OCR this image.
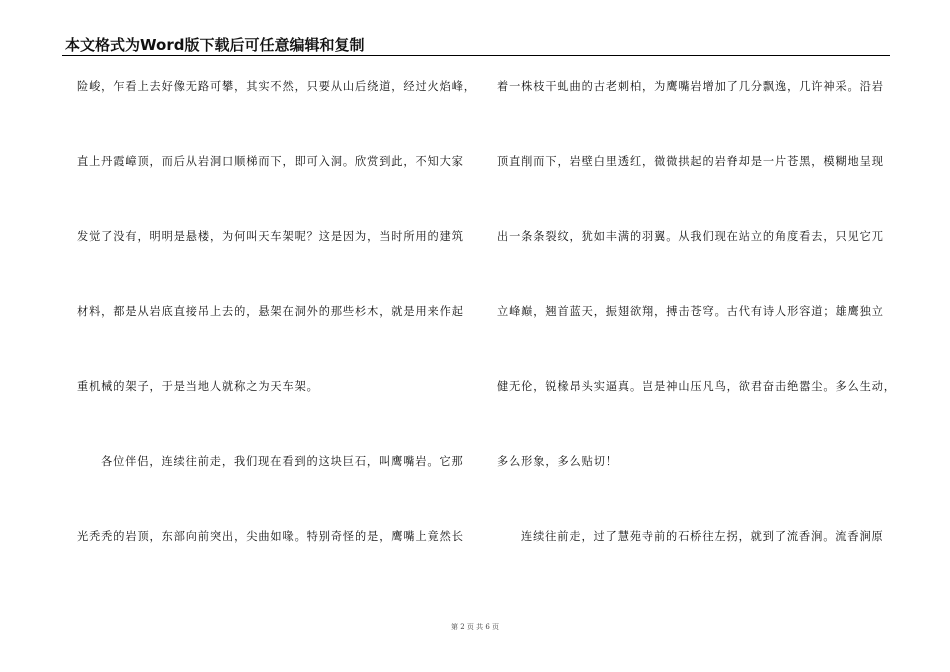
本文格式为Word版下载后可任意编辑和复制
险峻，乍看上去好像无路可攀，其实不然，只要从山后绕道，经过火焰峰，
直上丹霞嶂顶，而后从岩洞口顺梯而下，即可入洞。欣赏到此，不知大家
发觉了没有，明明是悬楼，为何叫天车架呢？这是因为，当时所用的建筑
材料，都是从岩底直接吊上去的，悬架在洞外的那些杉木，就是用来作起
重机械的架子，于是当地人就称之为天车架。
各位伴侣，连续往前走，我们现在看到的这块巨石，叫鹰嘴岩。它那
光秃秃的岩顶，东部向前突出，尖曲如喙。特别奇怪的是，鹰嘴上竟然长
着一株枝干虬曲的古老刺柏，为鹰嘴岩增加了几分飘逸，几许神采。沿岩
顶直削而下，岩壁白里透红，微微拱起的岩脊却是一片苍黑，模糊地呈现
出一条条裂纹，犹如丰满的羽翼。从我们现在站立的角度看去，只见它兀
立峰巅，翘首蓝天，振翅欲翔，搏击苍穹。古代有诗人形容道；雄鹰独立
健无伦，锐椽昂头实逼真。岂是神山压凡鸟，欲君奋击绝嚣尘。多么生动，
多么形象，多么贴切！
连续往前走，过了慧苑寺前的石桥往左拐，就到了流香涧。流香涧原
第 2 页 共 6 页
